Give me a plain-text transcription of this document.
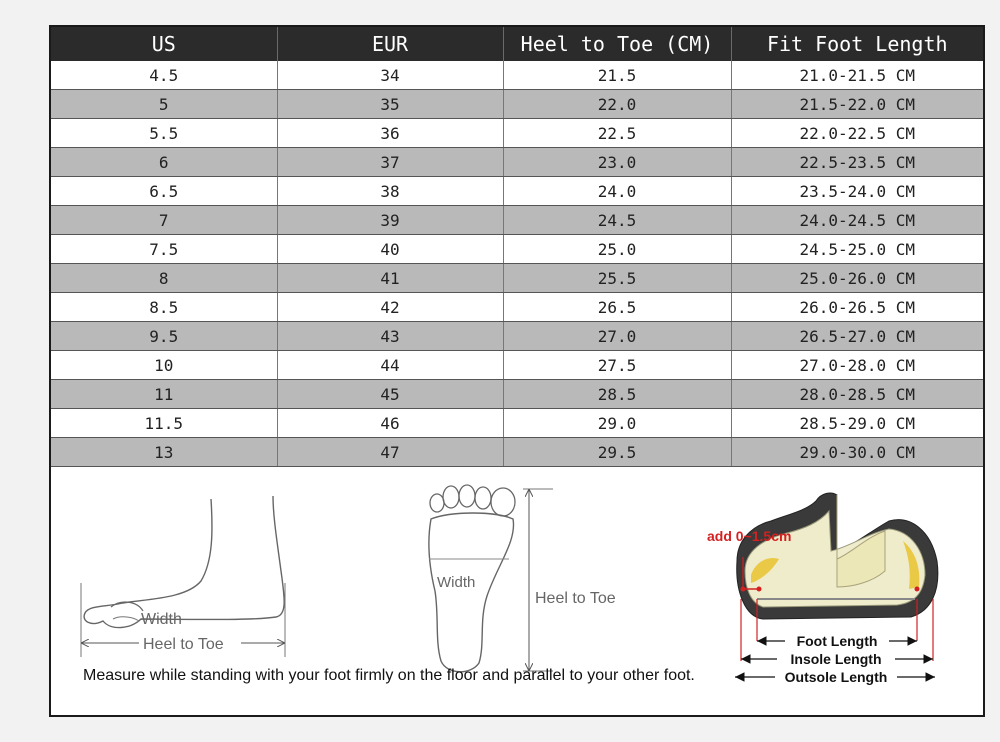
US	EUR	Heel to Toe (CM)	Fit Foot Length
4.5	34	21.5	21.0-21.5 CM
5	35	22.0	21.5-22.0 CM
5.5	36	22.5	22.0-22.5 CM
6	37	23.0	22.5-23.5 CM
6.5	38	24.0	23.5-24.0 CM
7	39	24.5	24.0-24.5 CM
7.5	40	25.0	24.5-25.0 CM
8	41	25.5	25.0-26.0 CM
8.5	42	26.5	26.0-26.5 CM
9.5	43	27.0	26.5-27.0 CM
10	44	27.5	27.0-28.0 CM
11	45	28.5	28.0-28.5 CM
11.5	46	29.0	28.5-29.0 CM
13	47	29.5	29.0-30.0 CM
Width
Heel to Toe
Width
Heel to Toe
add 0~1.5cm
Foot Length
Insole Length
Outsole Length
Measure while standing with your foot firmly on the floor and parallel to your other foot.
